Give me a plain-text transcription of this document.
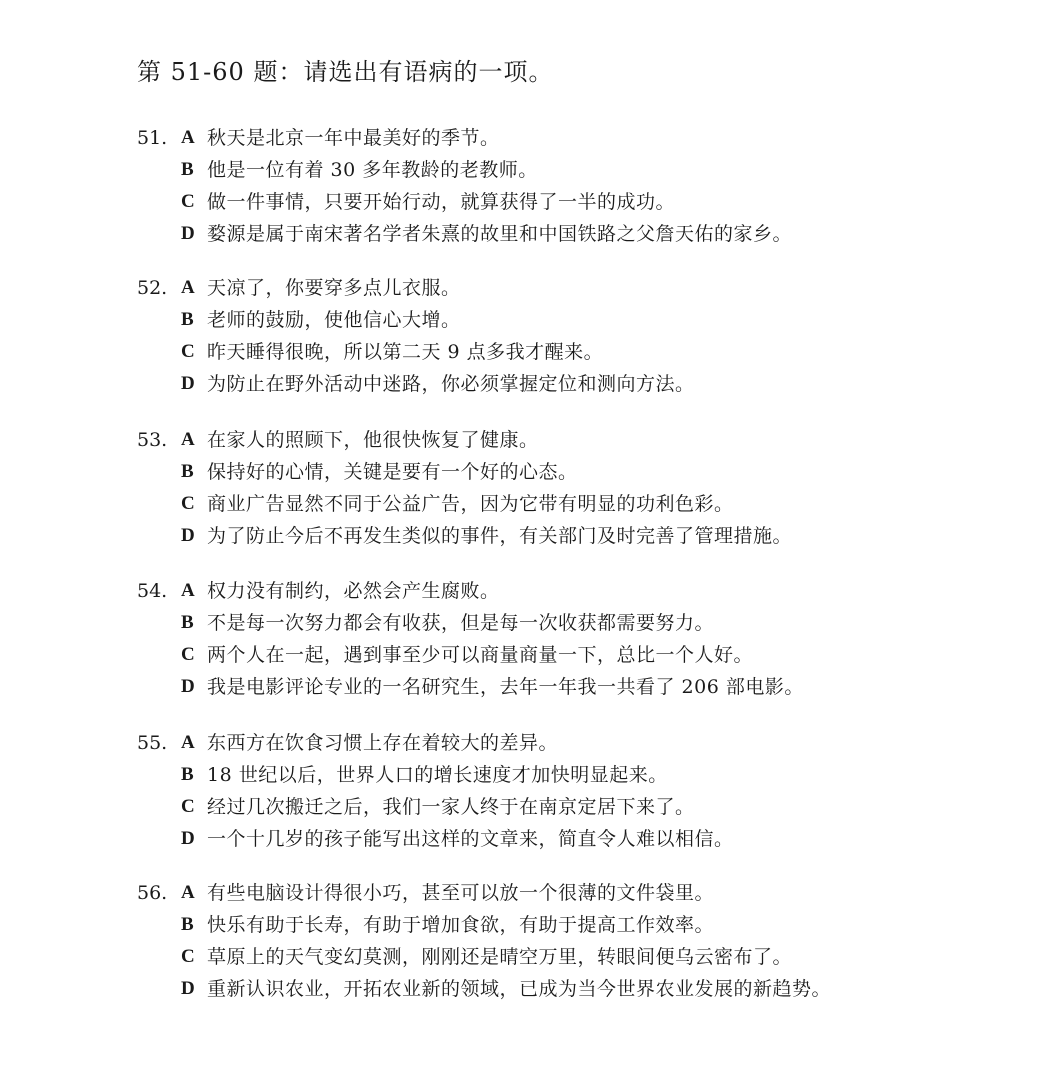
第 51-60 题：请选出有语病的一项。
51. A 秋天是北京一年中最美好的季节。
B 他是一位有着 30 多年教龄的老教师。
C 做一件事情，只要开始行动，就算获得了一半的成功。
D 婺源是属于南宋著名学者朱熹的故里和中国铁路之父詹天佑的家乡。
52. A 天凉了，你要穿多点儿衣服。
B 老师的鼓励，使他信心大增。
C 昨天睡得很晚，所以第二天 9 点多我才醒来。
D 为防止在野外活动中迷路，你必须掌握定位和测向方法。
53. A 在家人的照顾下，他很快恢复了健康。
B 保持好的心情，关键是要有一个好的心态。
C 商业广告显然不同于公益广告，因为它带有明显的功利色彩。
D 为了防止今后不再发生类似的事件，有关部门及时完善了管理措施。
54. A 权力没有制约，必然会产生腐败。
B 不是每一次努力都会有收获，但是每一次收获都需要努力。
C 两个人在一起，遇到事至少可以商量商量一下，总比一个人好。
D 我是电影评论专业的一名研究生，去年一年我一共看了 206 部电影。
55. A 东西方在饮食习惯上存在着较大的差异。
B 18 世纪以后，世界人口的增长速度才加快明显起来。
C 经过几次搬迁之后，我们一家人终于在南京定居下来了。
D 一个十几岁的孩子能写出这样的文章来，简直令人难以相信。
56. A 有些电脑设计得很小巧，甚至可以放一个很薄的文件袋里。
B 快乐有助于长寿，有助于增加食欲，有助于提高工作效率。
C 草原上的天气变幻莫测，刚刚还是晴空万里，转眼间便乌云密布了。
D 重新认识农业，开拓农业新的领域，已成为当今世界农业发展的新趋势。
